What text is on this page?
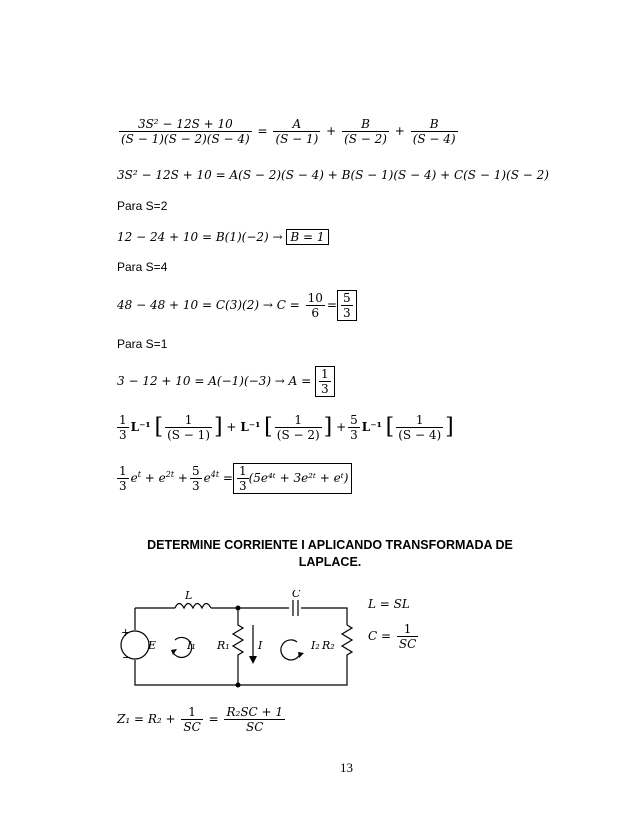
$\frac{\text{3S² − 12S + 10}}{(S - 1)(S - 2)(S - 4)} = \frac{A}{(S - 1)} + \frac{B}{(S - 2)} + \frac{B}{(S - 4)}$
3S² − 12S + 10 = A(S − 2)(S − 4) + B(S − 1)(S − 4) + C(S − 1)(S − 2)
Para S=2
12 − 24 + 10 = B(1)(−2) → B = 1
Para S=4
$48 - 48 + 10 = C(3)(2) \to C = \frac{10}{6} = \frac{5}{3}$
Para S=1
$3 - 12 + 10 = A(-1)(-3) \to A = \frac{1}{3}$
$\frac{1}{3} L^{-1}$ [ $\frac{1}{(S - 1)}$ ] + L⁻¹ [ $\frac{1}{(S - 2)}$ ] + $\frac{5}{3} L^{-1}$ [ $\frac{1}{(S - 4)}$ ]
$\frac{1}{3} e^t + e^{2t} + \frac{5}{3} e^{4t} = \frac{1}{3}$ (5e⁴ᵗ + 3e²ᵗ + eᵗ)
DETERMINE CORRIENTE I APLICANDO TRANSFORMADA DE
LAPLACE.
L	C
E
+
−
I₁ R₁	I	I₂ R₂
L = SL
$C = \frac{1}{SC}$
$Z_1 = R_2 + \frac{1}{SC} = \frac{\text{R₂SC + 1}}{SC}$
13
